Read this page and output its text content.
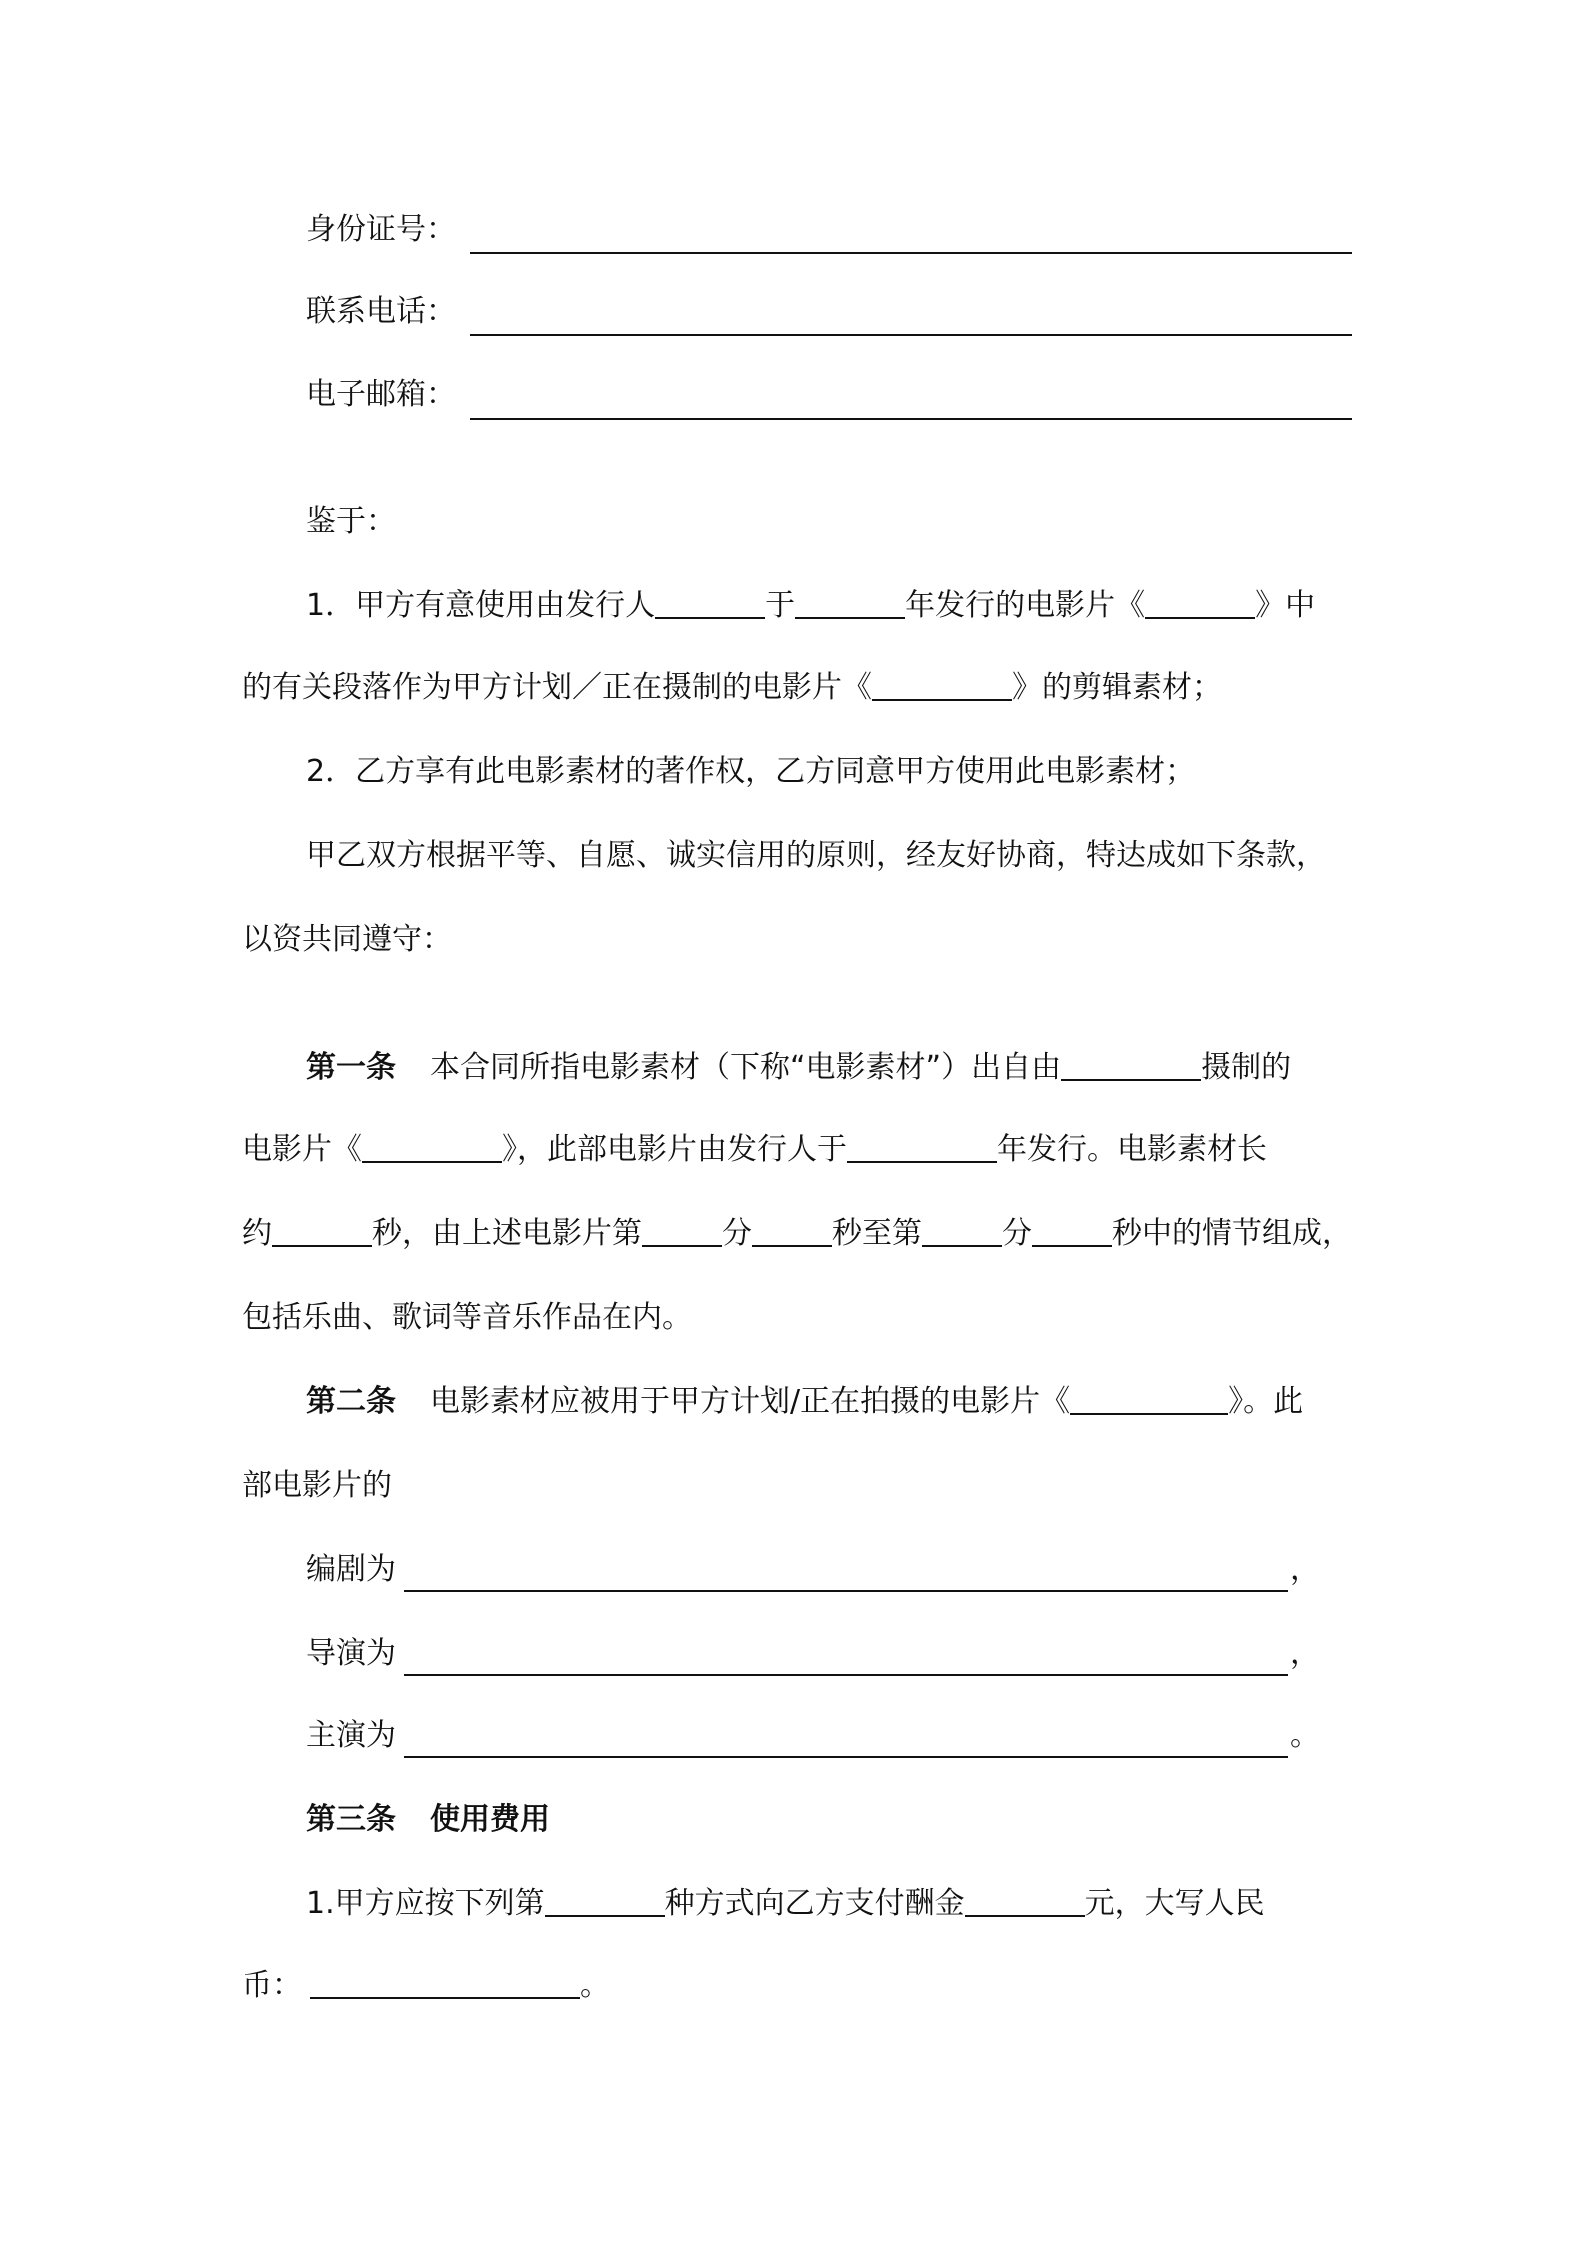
身份证号：
联系电话：
电子邮箱：
鉴于：
1．甲方有意使用由发行人	于	年发行的电影片《	》中
的有关段落作为甲方计划／正在摄制的电影片《	》的剪辑素材；
2．乙方享有此电影素材的著作权，乙方同意甲方使用此电影素材；
甲乙双方根据平等、自愿、诚实信用的原则，经友好协商，特达成如下条款，
以资共同遵守：
第一条 本合同所指电影素材（下称“电影素材”）出自由	摄制的
电影片《	》，此部电影片由发行人于	年发行。电影素材长
约	秒，由上述电影片第	分	秒至第	分	秒中的情节组成，
包括乐曲、歌词等音乐作品在内。
第二条 电影素材应被用于甲方计划/正在拍摄的电影片《	》。此
部电影片的
编剧为	，
导演为	，
主演为	。
第三条 使用费用
1.甲方应按下列第	种方式向乙方支付酬金	元，大写人民
币：	。
